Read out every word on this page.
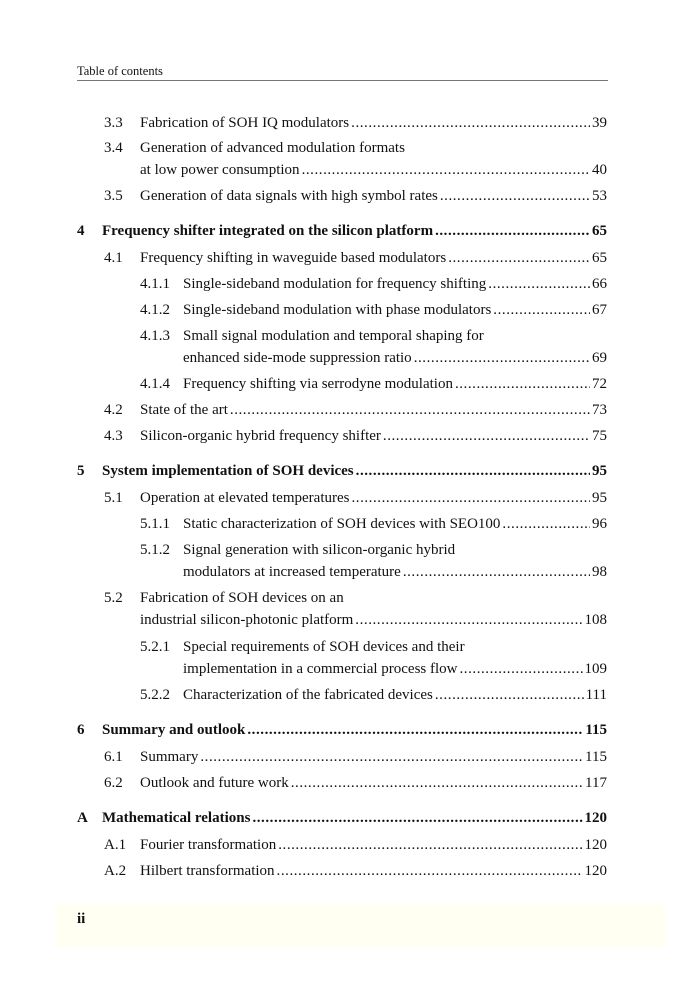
Table of contents
3.3 Fabrication of SOH IQ modulators . . .	39
3.4 Generation of advanced modulation formats
at low power consumption . . .	40
3.5 Generation of data signals with high symbol rates . . .	53
4 Frequency shifter integrated on the silicon platform . . .	65
4.1 Frequency shifting in waveguide based modulators . . .	65
4.1.1 Single-sideband modulation for frequency shifting . . .	66
4.1.2 Single-sideband modulation with phase modulators . . .	67
4.1.3 Small signal modulation and temporal shaping for
enhanced side-mode suppression ratio . . .	69
4.1.4 Frequency shifting via serrodyne modulation . . .	72
4.2 State of the art . . .	73
4.3 Silicon-organic hybrid frequency shifter . . .	75
5 System implementation of SOH devices . . .	95
5.1 Operation at elevated temperatures . . .	95
5.1.1 Static characterization of SOH devices with SEO100 . . .	96
5.1.2 Signal generation with silicon-organic hybrid
modulators at increased temperature . . .	98
5.2 Fabrication of SOH devices on an
industrial silicon-photonic platform . . .	108
5.2.1 Special requirements of SOH devices and their
implementation in a commercial process flow . . .	109
5.2.2 Characterization of the fabricated devices . . .	111
6 Summary and outlook . . .	115
6.1 Summary . . .	115
6.2 Outlook and future work . . .	117
A Mathematical relations . . .	120
A.1 Fourier transformation . . .	120
A.2 Hilbert transformation . . .	120
ii
